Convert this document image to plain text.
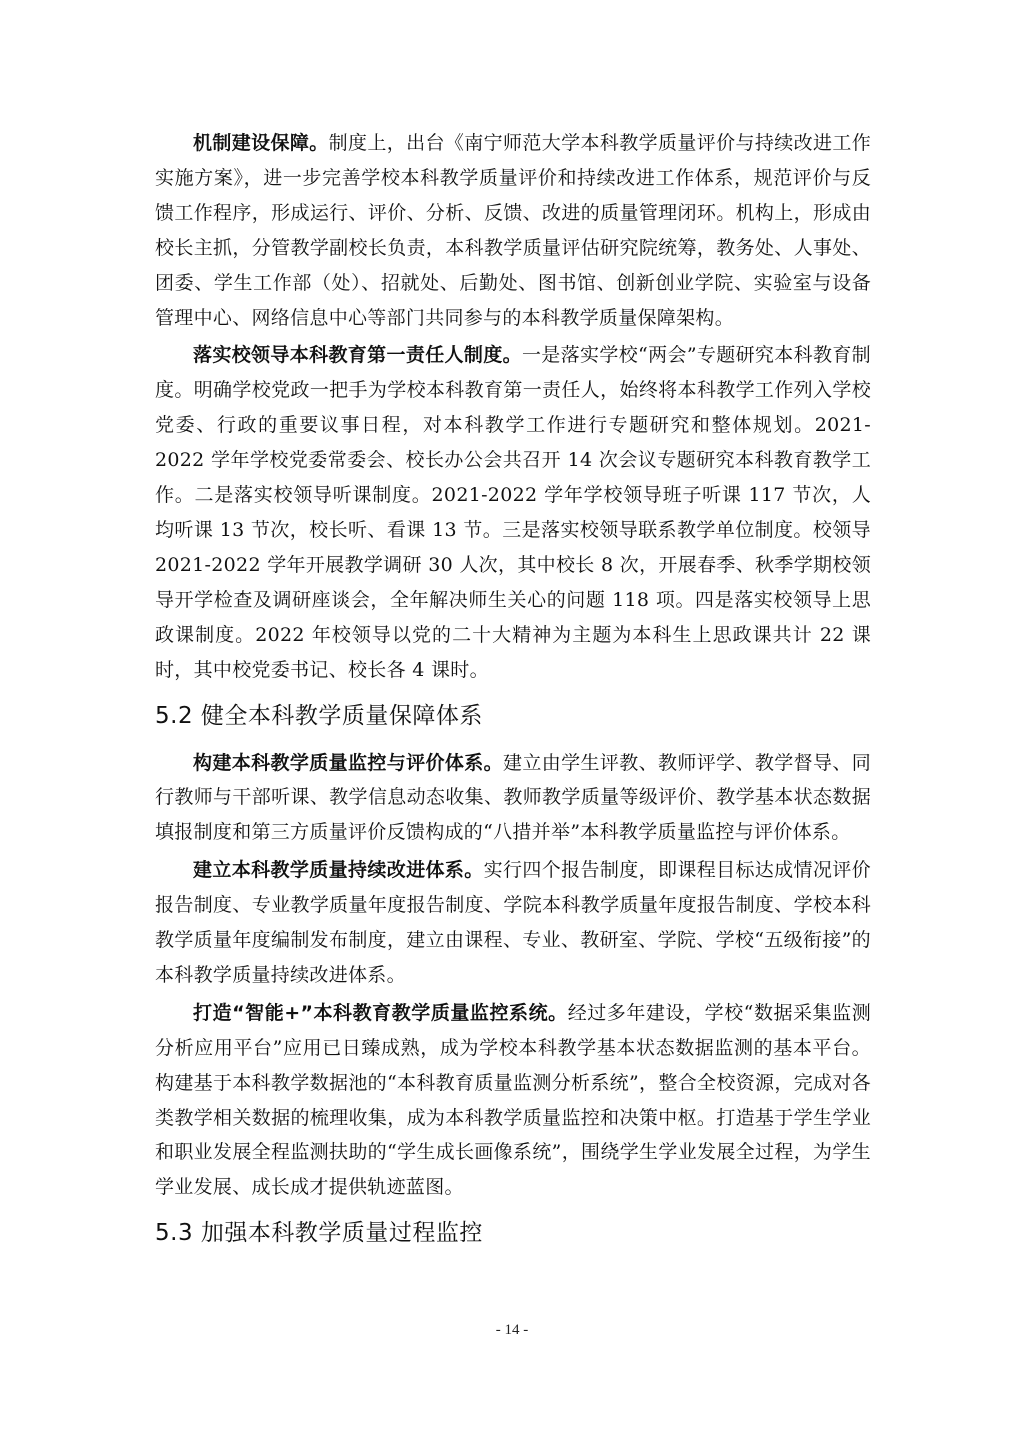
机制建设保障。制度上，出台《南宁师范大学本科教学质量评价与持续改进工作实施方案》，进一步完善学校本科教学质量评价和持续改进工作体系，规范评价与反馈工作程序，形成运行、评价、分析、反馈、改进的质量管理闭环。机构上，形成由校长主抓，分管教学副校长负责，本科教学质量评估研究院统筹，教务处、人事处、团委、学生工作部（处）、招就处、后勤处、图书馆、创新创业学院、实验室与设备管理中心、网络信息中心等部门共同参与的本科教学质量保障架构。

落实校领导本科教育第一责任人制度。一是落实学校“两会”专题研究本科教育制度。明确学校党政一把手为学校本科教育第一责任人，始终将本科教学工作列入学校党委、行政的重要议事日程，对本科教学工作进行专题研究和整体规划。2021-2022 学年学校党委常委会、校长办公会共召开 14 次会议专题研究本科教育教学工作。二是落实校领导听课制度。2021-2022 学年学校领导班子听课 117 节次，人均听课 13 节次，校长听、看课 13 节。三是落实校领导联系教学单位制度。校领导 2021-2022 学年开展教学调研 30 人次，其中校长 8 次，开展春季、秋季学期校领导开学检查及调研座谈会，全年解决师生关心的问题 118 项。四是落实校领导上思政课制度。2022 年校领导以党的二十大精神为主题为本科生上思政课共计 22 课时，其中校党委书记、校长各 4 课时。

5.2 健全本科教学质量保障体系

构建本科教学质量监控与评价体系。建立由学生评教、教师评学、教学督导、同行教师与干部听课、教学信息动态收集、教师教学质量等级评价、教学基本状态数据填报制度和第三方质量评价反馈构成的“八措并举”本科教学质量监控与评价体系。

建立本科教学质量持续改进体系。实行四个报告制度，即课程目标达成情况评价报告制度、专业教学质量年度报告制度、学院本科教学质量年度报告制度、学校本科教学质量年度编制发布制度，建立由课程、专业、教研室、学院、学校“五级衔接”的本科教学质量持续改进体系。

打造“智能+”本科教育教学质量监控系统。经过多年建设，学校“数据采集监测分析应用平台”应用已日臻成熟，成为学校本科教学基本状态数据监测的基本平台。构建基于本科教学数据池的“本科教育质量监测分析系统”，整合全校资源，完成对各类教学相关数据的梳理收集，成为本科教学质量监控和决策中枢。打造基于学生学业和职业发展全程监测扶助的“学生成长画像系统”，围绕学生学业发展全过程，为学生学业发展、成长成才提供轨迹蓝图。

5.3 加强本科教学质量过程监控
- 14 -
